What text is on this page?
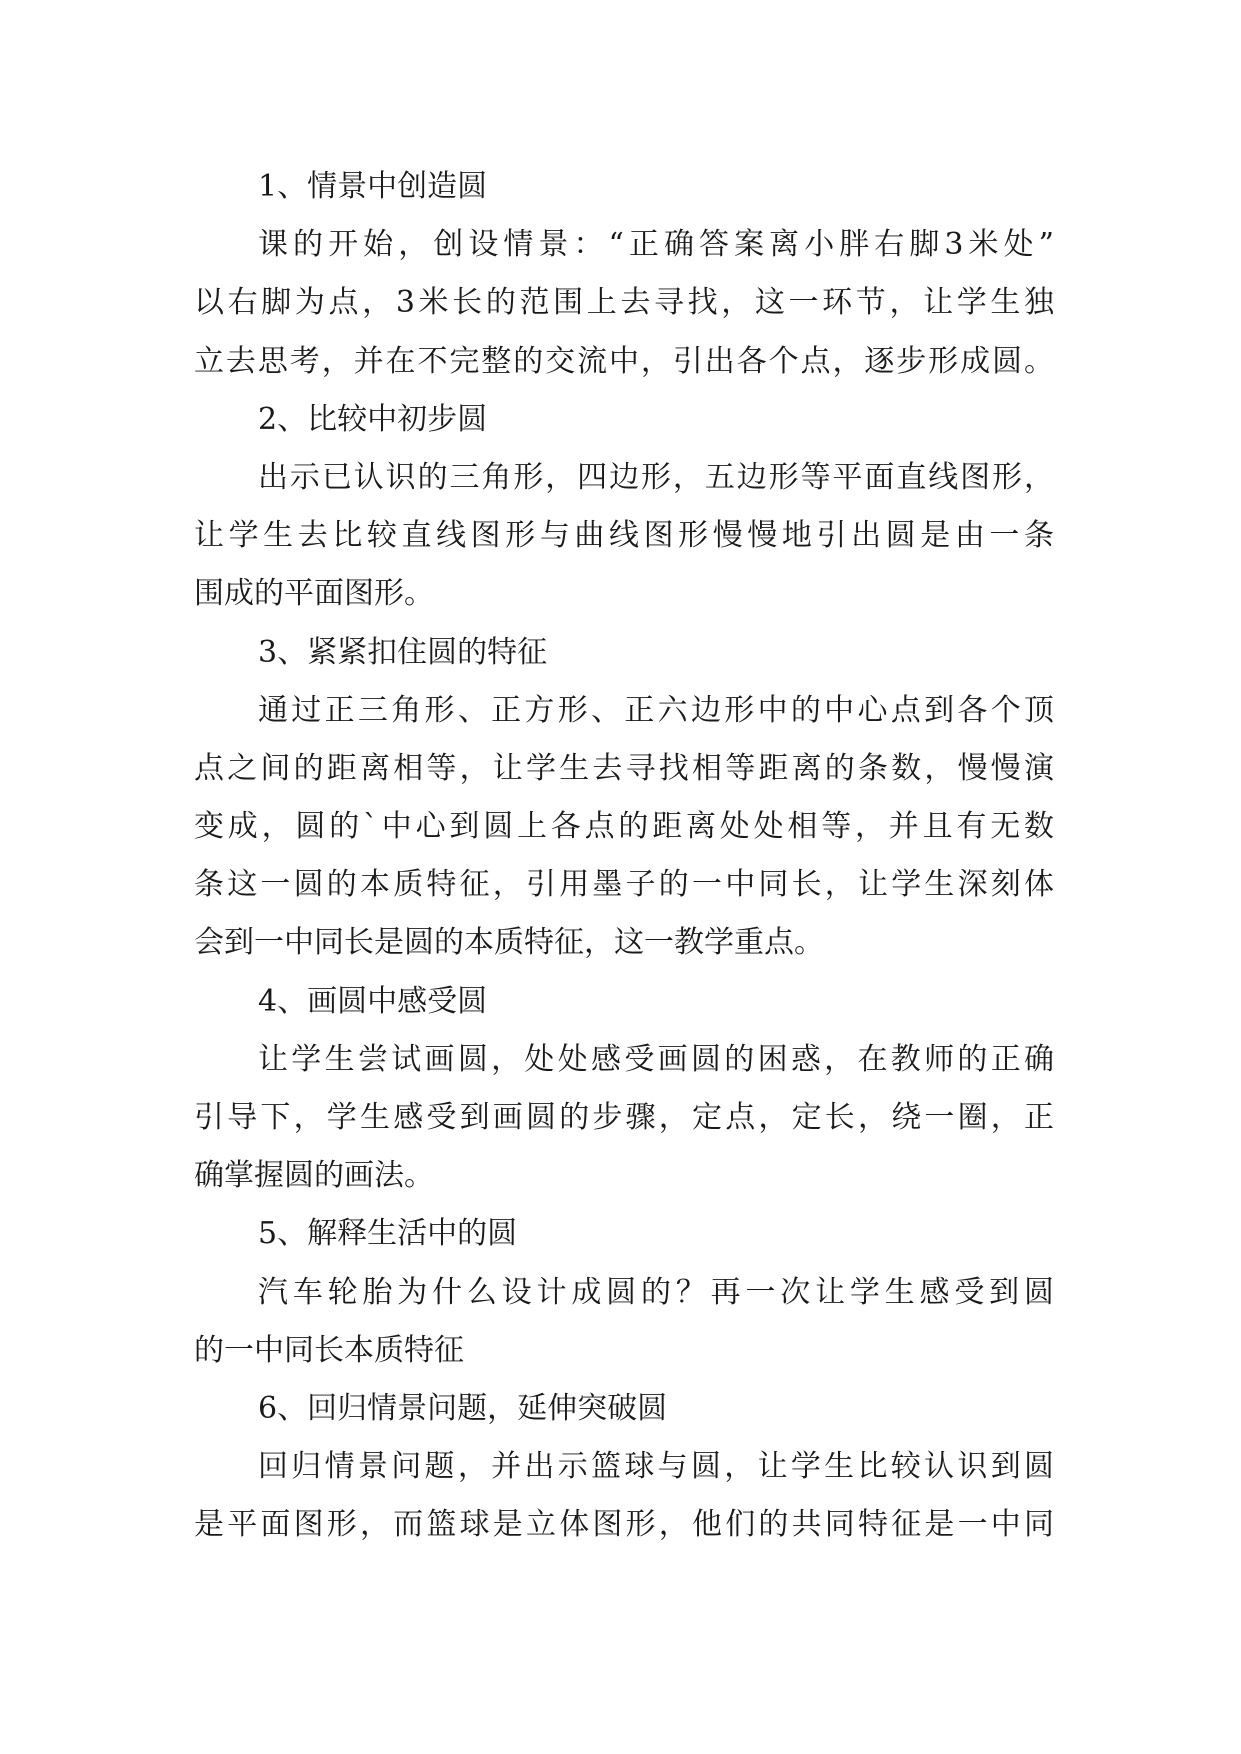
1、情景中创造圆
课的开始，创设情景：“正确答案离小胖右脚3米处”
以右脚为点，3米长的范围上去寻找，这一环节，让学生独
立去思考，并在不完整的交流中，引出各个点，逐步形成圆。
2、比较中初步圆
出示已认识的三角形，四边形，五边形等平面直线图形，
让学生去比较直线图形与曲线图形慢慢地引出圆是由一条
围成的平面图形。
3、紧紧扣住圆的特征
通过正三角形、正方形、正六边形中的中心点到各个顶
点之间的距离相等，让学生去寻找相等距离的条数，慢慢演
变成，圆的`中心到圆上各点的距离处处相等，并且有无数
条这一圆的本质特征，引用墨子的一中同长，让学生深刻体
会到一中同长是圆的本质特征，这一教学重点。
4、画圆中感受圆
让学生尝试画圆，处处感受画圆的困惑，在教师的正确
引导下，学生感受到画圆的步骤，定点，定长，绕一圈，正
确掌握圆的画法。
5、解释生活中的圆
汽车轮胎为什么设计成圆的？再一次让学生感受到圆
的一中同长本质特征
6、回归情景问题，延伸突破圆
回归情景问题，并出示篮球与圆，让学生比较认识到圆
是平面图形，而篮球是立体图形，他们的共同特征是一中同
